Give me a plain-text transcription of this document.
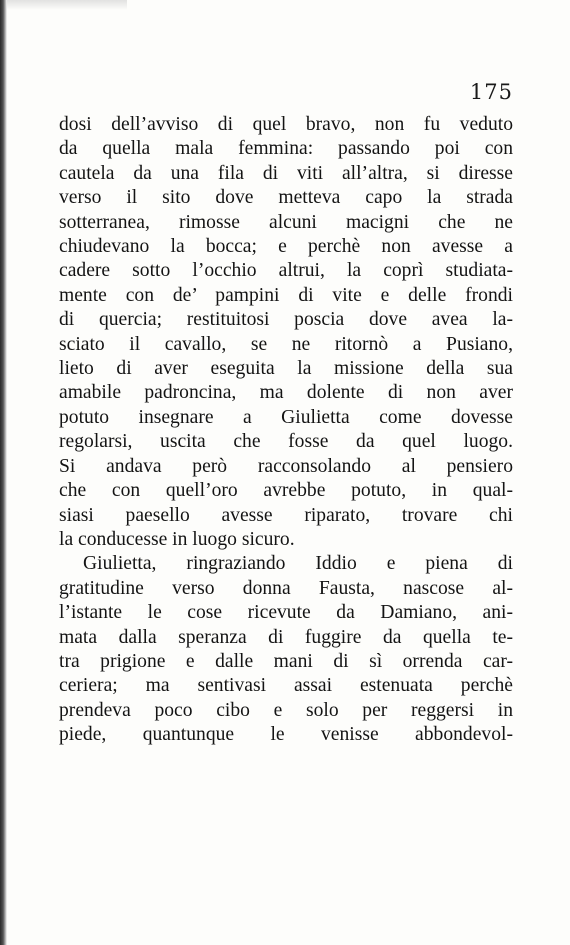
175
dosi dell’avviso di quel bravo, non fu veduto
da quella mala femmina: passando poi con
cautela da una fila di viti all’altra, si diresse
verso il sito dove metteva capo la strada
sotterranea, rimosse alcuni macigni che ne
chiudevano la bocca; e perchè non avesse a
cadere sotto l’occhio altrui, la coprì studiata-
mente con de’ pampini di vite e delle frondi
di quercia; restituitosi poscia dove avea la-
sciato il cavallo, se ne ritornò a Pusiano,
lieto di aver eseguita la missione della sua
amabile padroncina, ma dolente di non aver
potuto insegnare a Giulietta come dovesse
regolarsi, uscita che fosse da quel luogo.
Si andava però racconsolando al pensiero
che con quell’oro avrebbe potuto, in qual-
siasi paesello avesse riparato, trovare chi
la conducesse in luogo sicuro.
Giulietta, ringraziando Iddio e piena di
gratitudine verso donna Fausta, nascose al-
l’istante le cose ricevute da Damiano, ani-
mata dalla speranza di fuggire da quella te-
tra prigione e dalle mani di sì orrenda car-
ceriera; ma sentivasi assai estenuata perchè
prendeva poco cibo e solo per reggersi in
piede, quantunque le venisse abbondevol-
